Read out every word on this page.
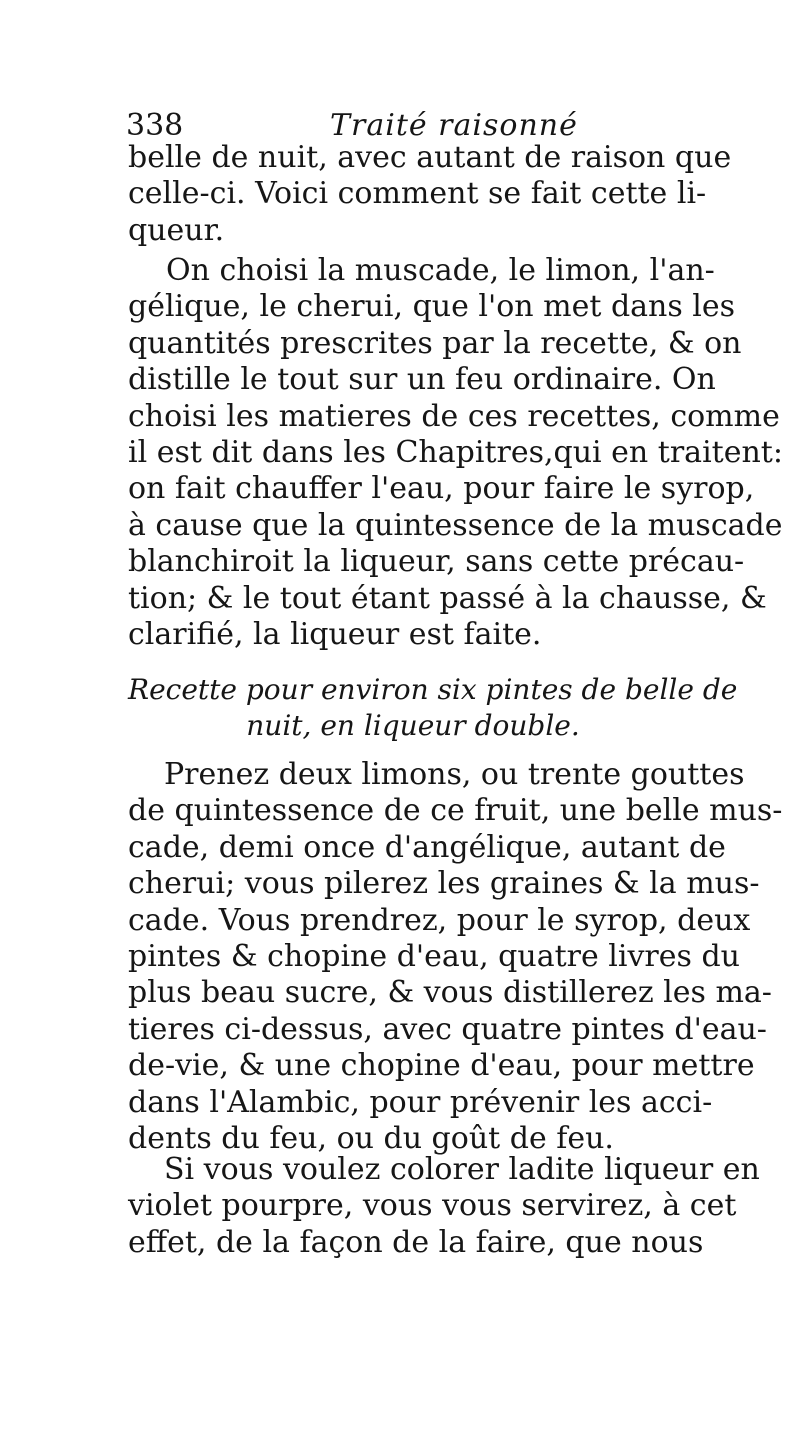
338	Traité raisonné
belle de nuit, avec autant de raison que
celle-ci. Voici comment se fait cette li-
queur.
On choisi la muscade, le limon, l'an-
gélique, le cherui, que l'on met dans les
quantités prescrites par la recette, & on
distille le tout sur un feu ordinaire. On
choisi les matieres de ces recettes, comme
il est dit dans les Chapitres,qui en traitent:
on fait chauffer l'eau, pour faire le syrop,
à cause que la quintessence de la muscade
blanchiroit la liqueur, sans cette précau-
tion; & le tout étant passé à la chausse, &
clarifié, la liqueur est faite.
Recette pour environ six pintes de belle de
nuit, en liqueur double.
Prenez deux limons, ou trente gouttes
de quintessence de ce fruit, une belle mus-
cade, demi once d'angélique, autant de
cherui; vous pilerez les graines & la mus-
cade. Vous prendrez, pour le syrop, deux
pintes & chopine d'eau, quatre livres du
plus beau sucre, & vous distillerez les ma-
tieres ci-dessus, avec quatre pintes d'eau-
de-vie, & une chopine d'eau, pour mettre
dans l'Alambic, pour prévenir les acci-
dents du feu, ou du goût de feu.
Si vous voulez colorer ladite liqueur en
violet pourpre, vous vous servirez, à cet
effet, de la façon de la faire, que nous
